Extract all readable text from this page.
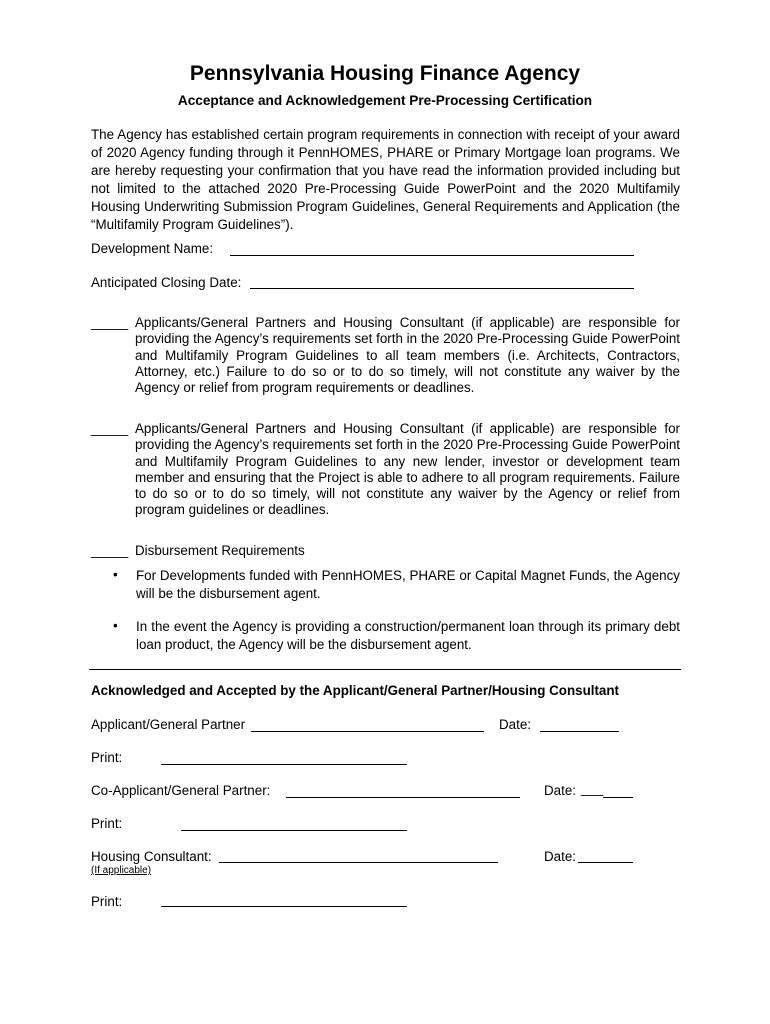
Pennsylvania Housing Finance Agency
Acceptance and Acknowledgement Pre-Processing Certification
The Agency has established certain program requirements in connection with receipt of your award of 2020 Agency funding through it PennHOMES, PHARE or Primary Mortgage loan programs. We are hereby requesting your confirmation that you have read the information provided including but not limited to the attached 2020 Pre-Processing Guide PowerPoint and the 2020 Multifamily Housing Underwriting Submission Program Guidelines, General Requirements and Application (the “Multifamily Program Guidelines”).
Development Name:
Anticipated Closing Date:
_____ Applicants/General Partners and Housing Consultant (if applicable) are responsible for providing the Agency’s requirements set forth in the 2020 Pre-Processing Guide PowerPoint and Multifamily Program Guidelines to all team members (i.e. Architects, Contractors, Attorney, etc.) Failure to do so or to do so timely, will not constitute any waiver by the Agency or relief from program requirements or deadlines.
_____ Applicants/General Partners and Housing Consultant (if applicable) are responsible for providing the Agency’s requirements set forth in the 2020 Pre-Processing Guide PowerPoint and Multifamily Program Guidelines to any new lender, investor or development team member and ensuring that the Project is able to adhere to all program requirements. Failure to do so or to do so timely, will not constitute any waiver by the Agency or relief from program guidelines or deadlines.
_____ Disbursement Requirements
• For Developments funded with PennHOMES, PHARE or Capital Magnet Funds, the Agency will be the disbursement agent.
• In the event the Agency is providing a construction/permanent loan through its primary debt loan product, the Agency will be the disbursement agent.
Acknowledged and Accepted by the Applicant/General Partner/Housing Consultant
Applicant/General Partner	Date:
Print:
Co-Applicant/General Partner:	Date: ___
Print:
Housing Consultant:
(If applicable)
Date:
Print:
